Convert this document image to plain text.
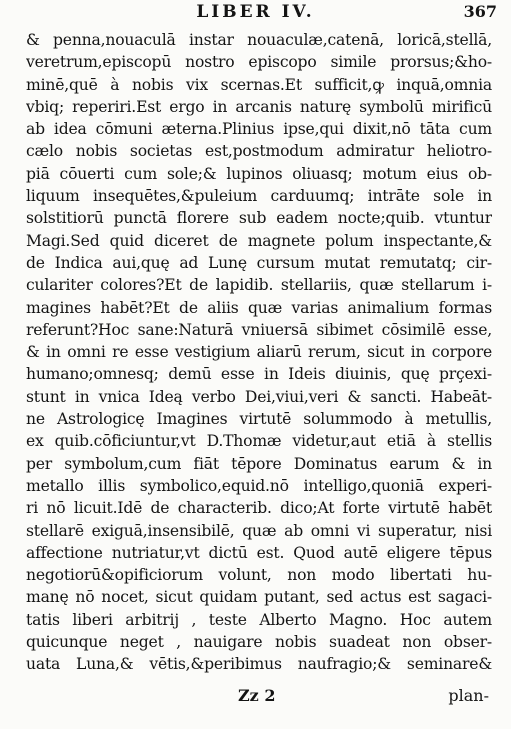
LIBER IV.	367
& penna,nouaculā instar nouaculæ,catenā, loricā,stellā,
veretrum,episcopū nostro episcopo simile prorsus;&ho-
minē,quē à nobis vix scernas.Et sufficit,ꝙ inquā,omnia
vbiq; reperiri.Est ergo in arcanis naturę symbolū mirificū
ab idea cōmuni æterna.Plinius ipse,qui dixit,nō tāta cum
cælo nobis societas est,postmodum admiratur heliotro-
piā cōuerti cum sole;& lupinos oliuasq; motum eius ob-
liquum insequētes,&puleium carduumq; intrāte sole in
solstitiorū punctā florere sub eadem nocte;quib. vtuntur
Magi.Sed quid diceret de magnete polum inspectante,&
de Indica aui,quę ad Lunę cursum mutat remutatq; cir-
culariter colores?Et de lapidib. stellariis, quæ stellarum i-
magines habēt?Et de aliis quæ varias animalium formas
referunt?Hoc sane:Naturā vniuersā sibimet cōsimilē esse,
& in omni re esse vestigium aliarū rerum, sicut in corpore
humano;omnesq; demū esse in Ideis diuinis, quę prçexi-
stunt in vnica Ideą verbo Dei,viui,veri & sancti. Habeāt-
ne Astrologicę Imagines virtutē solummodo à metullis,
ex quib.cōficiuntur,vt D.Thomæ videtur,aut etiā à stellis
per symbolum,cum fiāt tēpore Dominatus earum & in
metallo illis symbolico,equid.nō intelligo,quoniā experi-
ri nō licuit.Idē de characterib. dico;At forte virtutē habēt
stellarē exiguā,insensibilē, quæ ab omni vi superatur, nisi
affectione nutriatur,vt dictū est. Quod autē eligere tēpus
negotiorū&opificiorum volunt, non modo libertati hu-
manę nō nocet, sicut quidam putant, sed actus est sagaci-
tatis liberi arbitrij , teste Alberto Magno. Hoc autem
quicunque neget , nauigare nobis suadeat non obser-
uata Luna,& vētis,&peribimus naufragio;& seminare&
Zz 2	plan-
